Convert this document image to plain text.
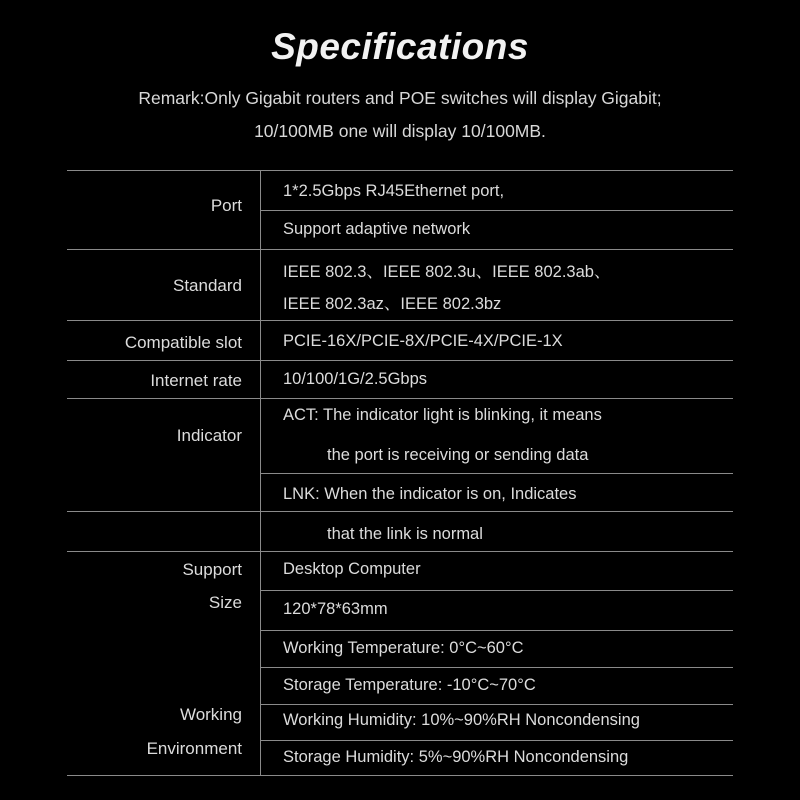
Specifications
Remark:Only Gigabit routers and POE switches will display Gigabit;
10/100MB one will display 10/100MB.
Port
1*2.5Gbps RJ45Ethernet port,
Support adaptive network
Standard
IEEE 802.3、IEEE 802.3u、IEEE 802.3ab、
IEEE 802.3az、IEEE 802.3bz
Compatible slot PCIE-16X/PCIE-8X/PCIE-4X/PCIE-1X
Internet rate 10/100/1G/2.5Gbps
Indicator
ACT: The indicator light is blinking, it means
the port is receiving or sending data
LNK: When the indicator is on, Indicates
that the link is normal
Support Desktop Computer
Size 120*78*63mm
Working
Environment
Working Temperature: 0°C~60°C
Storage Temperature: -10°C~70°C
Working Humidity: 10%~90%RH Noncondensing
Storage Humidity: 5%~90%RH Noncondensing
